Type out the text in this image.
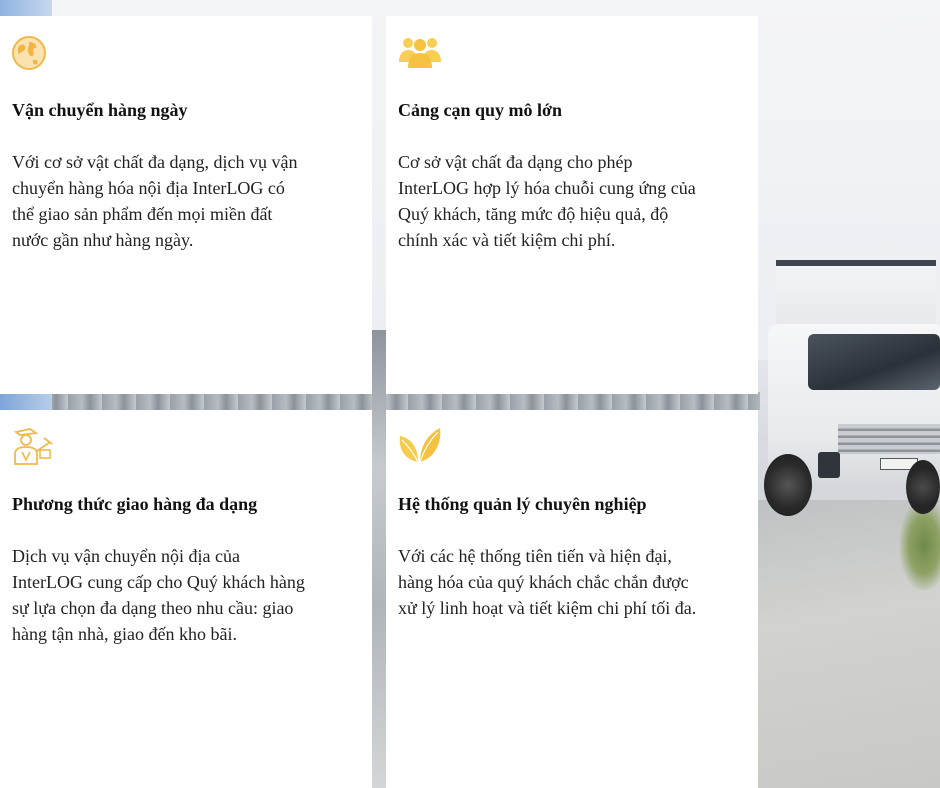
Vận chuyển hàng ngày

Với cơ sở vật chất đa dạng, dịch vụ vận
chuyển hàng hóa nội địa InterLOG có
thể giao sản phẩm đến mọi miền đất
nước gần như hàng ngày.

Cảng cạn quy mô lớn

Cơ sở vật chất đa dạng cho phép
InterLOG hợp lý hóa chuỗi cung ứng của
Quý khách, tăng mức độ hiệu quả, độ
chính xác và tiết kiệm chi phí.

Phương thức giao hàng đa dạng

Dịch vụ vận chuyển nội địa của
InterLOG cung cấp cho Quý khách hàng
sự lựa chọn đa dạng theo nhu cầu: giao
hàng tận nhà, giao đến kho bãi.

Hệ thống quản lý chuyên nghiệp

Với các hệ thống tiên tiến và hiện đại,
hàng hóa của quý khách chắc chắn được
xử lý linh hoạt và tiết kiệm chi phí tối đa.
